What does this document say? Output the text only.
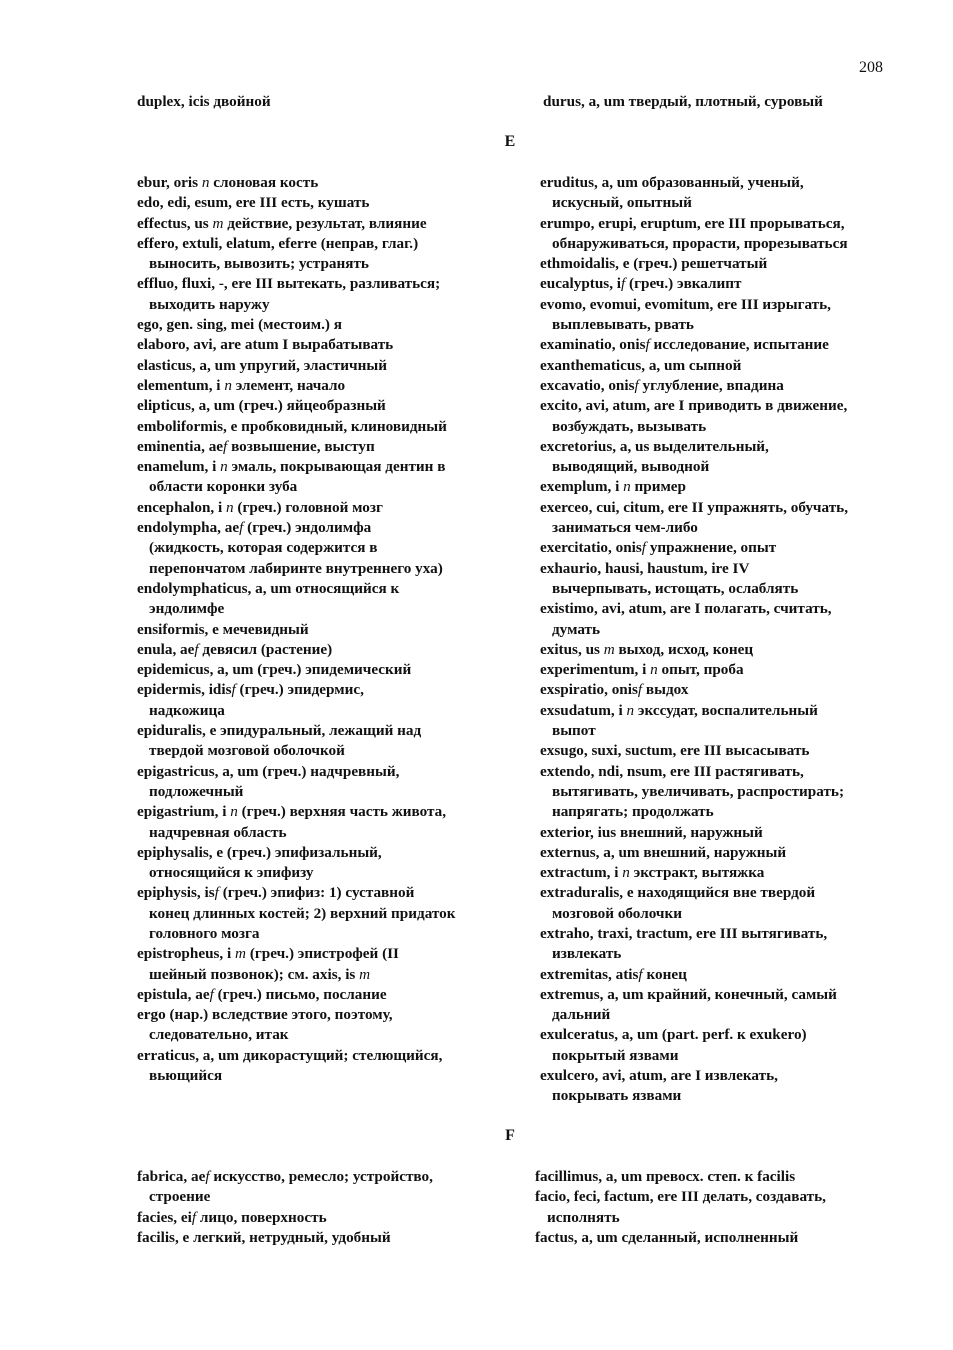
208
duplex, icis двойной	durus, a, um твердый, плотный, суровый
E
ebur, oris n слоновая кость
edo, edi, esum, ere III есть, кушать
effectus, us m действие, результат, влияние
effero, extuli, elatum, eferre (неправ, глаг.)
выносить, вывозить; устранять
effluo, fluxi, -, ere III вытекать, разливаться;
выходить наружу
ego, gen. sing, mei (местоим.) я
elaboro, avi, are atum I вырабатывать
elasticus, a, um упругий, эластичный
elementum, i n элемент, начало
elipticus, a, um (греч.) яйцеобразный
emboliformis, e пробковидный, клиновидный
eminentia, aef возвышение, выступ
enamelum, i n эмаль, покрывающая дентин в
области коронки зуба
encephalon, i n (греч.) головной мозг
endolympha, aef (греч.) эндолимфа
(жидкость, которая содержится в
перепончатом лабиринте внутреннего уха)
endolymphaticus, a, um относящийся к
эндолимфе
ensiformis, e мечевидный
enula, aef девясил (растение)
epidemicus, a, um (греч.) эпидемический
epidermis, idisf (греч.) эпидермис,
надкожица
epiduralis, e эпидуральный, лежащий над
твердой мозговой оболочкой
epigastricus, a, um (греч.) надчревный,
подложечный
epigastrium, i n (греч.) верхняя часть живота,
надчревная область
epiphysalis, e (греч.) эпифизальный,
относящийся к эпифизу
epiphysis, isf (греч.) эпифиз: 1) суставной
конец длинных костей; 2) верхний придаток
головного мозга
epistropheus, i m (греч.) эпистрофей (II
шейный позвонок); см. axis, is m
epistula, aef (греч.) письмо, послание
ergo (нар.) вследствие этого, поэтому,
следовательно, итак
erraticus, a, um дикорастущий; стелющийся,
вьющийся
eruditus, a, um образованный, ученый,
искусный, опытный
erumpo, erupi, eruptum, ere III прорываться,
обнаруживаться, прорасти, прорезываться
ethmoidalis, e (греч.) решетчатый
eucalyptus, if (греч.) эвкалипт
evomo, evomui, evomitum, ere III изрыгать,
выплевывать, рвать
examinatio, onisf исследование, испытание
exanthematicus, a, um сыпной
excavatio, onisf углубление, впадина
excito, avi, atum, are I приводить в движение,
возбуждать, вызывать
excretorius, a, us выделительный,
выводящий, выводной
exemplum, i n пример
exerceo, cui, citum, ere II упражнять, обучать,
заниматься чем-либо
exercitatio, onisf упражнение, опыт
exhaurio, hausi, haustum, ire IV
вычерпывать, истощать, ослаблять
existimo, avi, atum, are I полагать, считать,
думать
exitus, us m выход, исход, конец
experimentum, i n опыт, проба
exspiratio, onisf выдох
exsudatum, i n экссудат, воспалительный
выпот
exsugo, suxi, suctum, ere III высасывать
extendo, ndi, nsum, ere III растягивать,
вытягивать, увеличивать, распростирать;
напрягать; продолжать
exterior, ius внешний, наружный
externus, a, um внешний, наружный
extractum, i n экстракт, вытяжка
extraduralis, e находящийся вне твердой
мозговой оболочки
extraho, traxi, tractum, ere III вытягивать,
извлекать
extremitas, atisf конец
extremus, a, um крайний, конечный, самый
дальний
exulceratus, a, um (part. perf. к exukero)
покрытый язвами
exulcero, avi, atum, are I извлекать,
покрывать язвами
F
fabrica, aef искусство, ремесло; устройство,
строение
facies, eif лицо, поверхность
facilis, e легкий, нетрудный, удобный
facillimus, a, um превосх. степ. к facilis
facio, feci, factum, ere III делать, создавать,
исполнять
factus, a, um сделанный, исполненный
